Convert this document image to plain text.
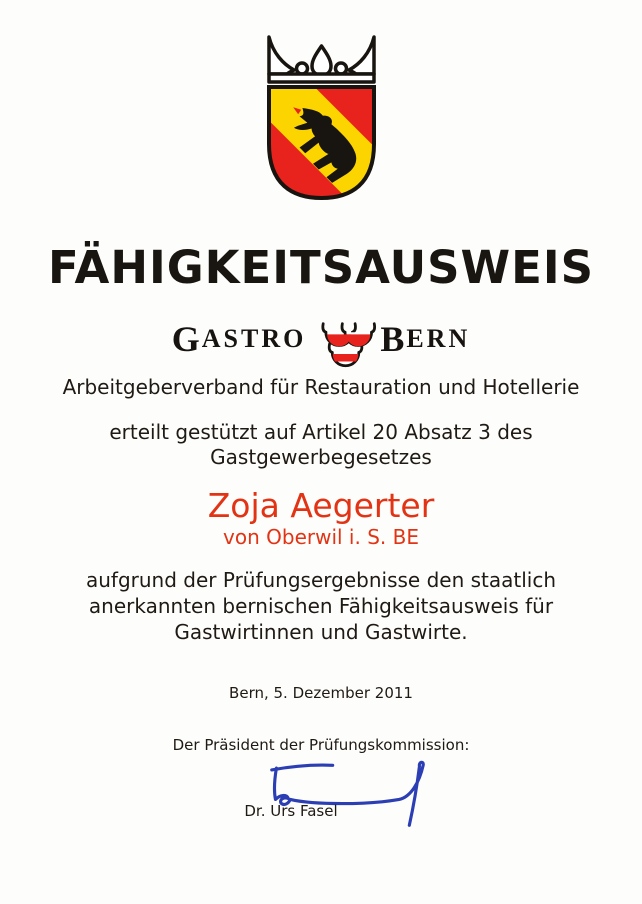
FÄHIGKEITSAUSWEIS
G ASTRO B ERN
Arbeitgeberverband für Restauration und Hotellerie
erteilt gestützt auf Artikel 20 Absatz 3 des
Gastgewerbegesetzes
Zoja Aegerter
von Oberwil i. S. BE
aufgrund der Prüfungsergebnisse den staatlich
anerkannten bernischen Fähigkeitsausweis für
Gastwirtinnen und Gastwirte.
Bern, 5. Dezember 2011
Der Präsident der Prüfungskommission:
Dr. Urs Fasel
